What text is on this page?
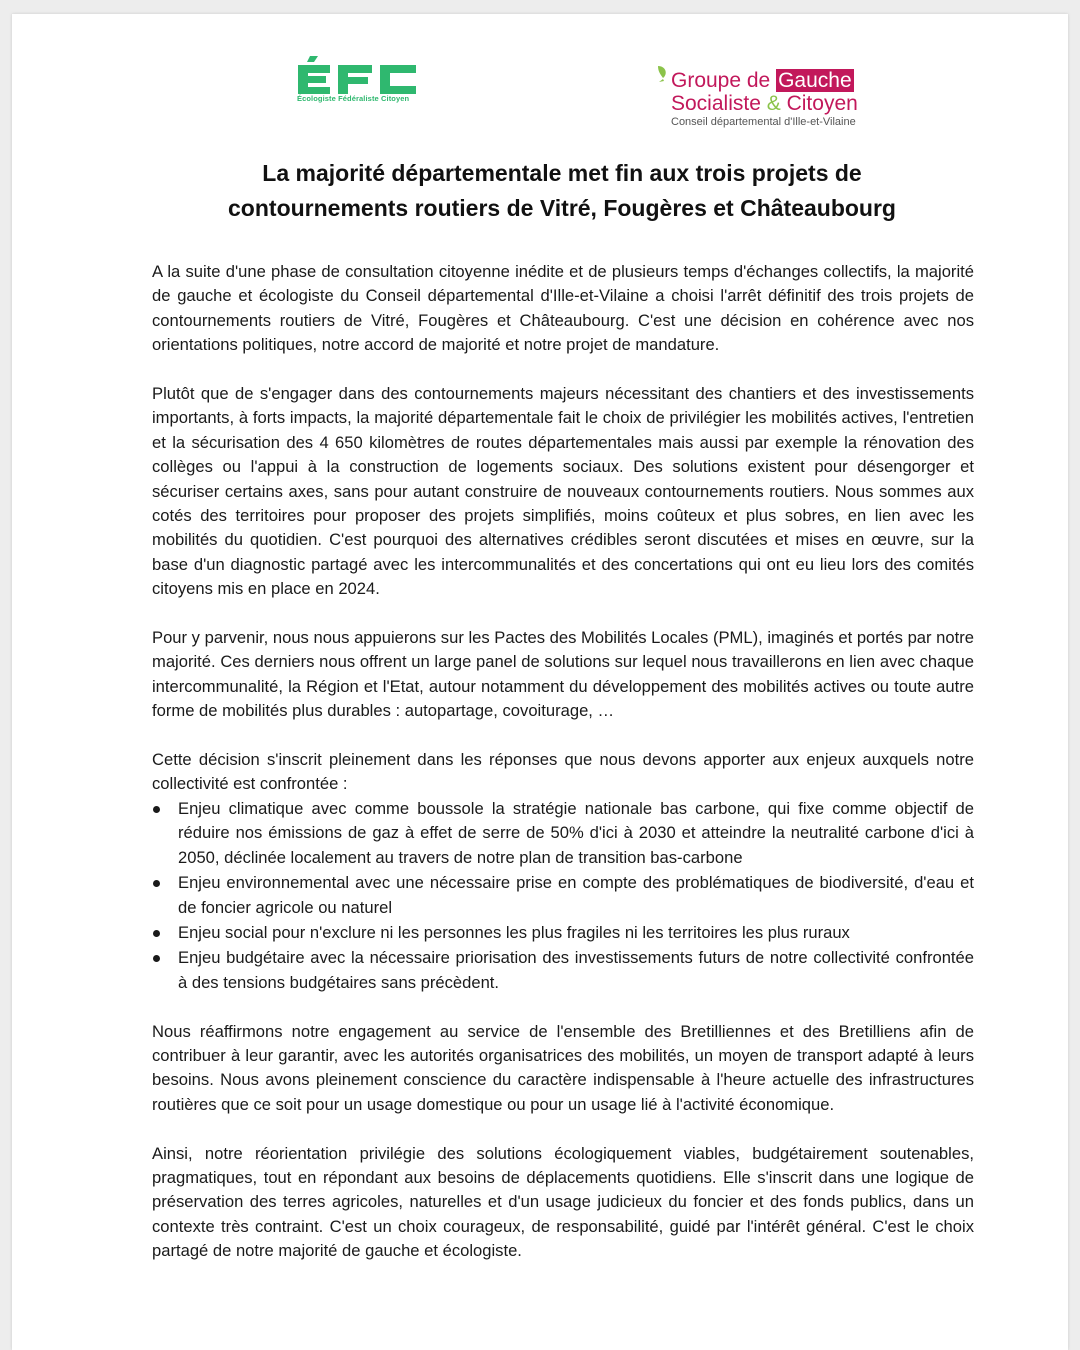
Écologiste Fédéraliste Citoyen
Groupe de Gauche
Socialiste & Citoyen
Conseil départemental d'Ille-et-Vilaine
La majorité départementale met fin aux trois projets de
contournements routiers de Vitré, Fougères et Châteaubourg

A la suite d'une phase de consultation citoyenne inédite et de plusieurs temps d'échanges collectifs, la majorité de gauche et écologiste du Conseil départemental d'Ille-et-Vilaine a choisi l'arrêt définitif des trois projets de contournements routiers de Vitré, Fougères et Châteaubourg. C'est une décision en cohérence avec nos orientations politiques, notre accord de majorité et notre projet de mandature.

Plutôt que de s'engager dans des contournements majeurs nécessitant des chantiers et des investissements importants, à forts impacts, la majorité départementale fait le choix de privilégier les mobilités actives, l'entretien et la sécurisation des 4 650 kilomètres de routes départementales mais aussi par exemple la rénovation des collèges ou l'appui à la construction de logements sociaux. Des solutions existent pour désengorger et sécuriser certains axes, sans pour autant construire de nouveaux contournements routiers. Nous sommes aux cotés des territoires pour proposer des projets simplifiés, moins coûteux et plus sobres, en lien avec les mobilités du quotidien. C'est pourquoi des alternatives crédibles seront discutées et mises en œuvre, sur la base d'un diagnostic partagé avec les intercommunalités et des concertations qui ont eu lieu lors des comités citoyens mis en place en 2024.

Pour y parvenir, nous nous appuierons sur les Pactes des Mobilités Locales (PML), imaginés et portés par notre majorité. Ces derniers nous offrent un large panel de solutions sur lequel nous travaillerons en lien avec chaque intercommunalité, la Région et l'Etat, autour notamment du développement des mobilités actives ou toute autre forme de mobilités plus durables : autopartage, covoiturage, …

Cette décision s'inscrit pleinement dans les réponses que nous devons apporter aux enjeux auxquels notre collectivité est confrontée :

Enjeu climatique avec comme boussole la stratégie nationale bas carbone, qui fixe comme objectif de réduire nos émissions de gaz à effet de serre de 50% d'ici à 2030 et atteindre la neutralité carbone d'ici à 2050, déclinée localement au travers de notre plan de transition bas-carbone
Enjeu environnemental avec une nécessaire prise en compte des problématiques de biodiversité, d'eau et de foncier agricole ou naturel
Enjeu social pour n'exclure ni les personnes les plus fragiles ni les territoires les plus ruraux
Enjeu budgétaire avec la nécessaire priorisation des investissements futurs de notre collectivité confrontée à des tensions budgétaires sans précèdent.

Nous réaffirmons notre engagement au service de l'ensemble des Bretilliennes et des Bretilliens afin de contribuer à leur garantir, avec les autorités organisatrices des mobilités, un moyen de transport adapté à leurs besoins. Nous avons pleinement conscience du caractère indispensable à l'heure actuelle des infrastructures routières que ce soit pour un usage domestique ou pour un usage lié à l'activité économique.

Ainsi, notre réorientation privilégie des solutions écologiquement viables, budgétairement soutenables, pragmatiques, tout en répondant aux besoins de déplacements quotidiens. Elle s'inscrit dans une logique de préservation des terres agricoles, naturelles et d'un usage judicieux du foncier et des fonds publics, dans un contexte très contraint. C'est un choix courageux, de responsabilité, guidé par l'intérêt général. C'est le choix partagé de notre majorité de gauche et écologiste.
